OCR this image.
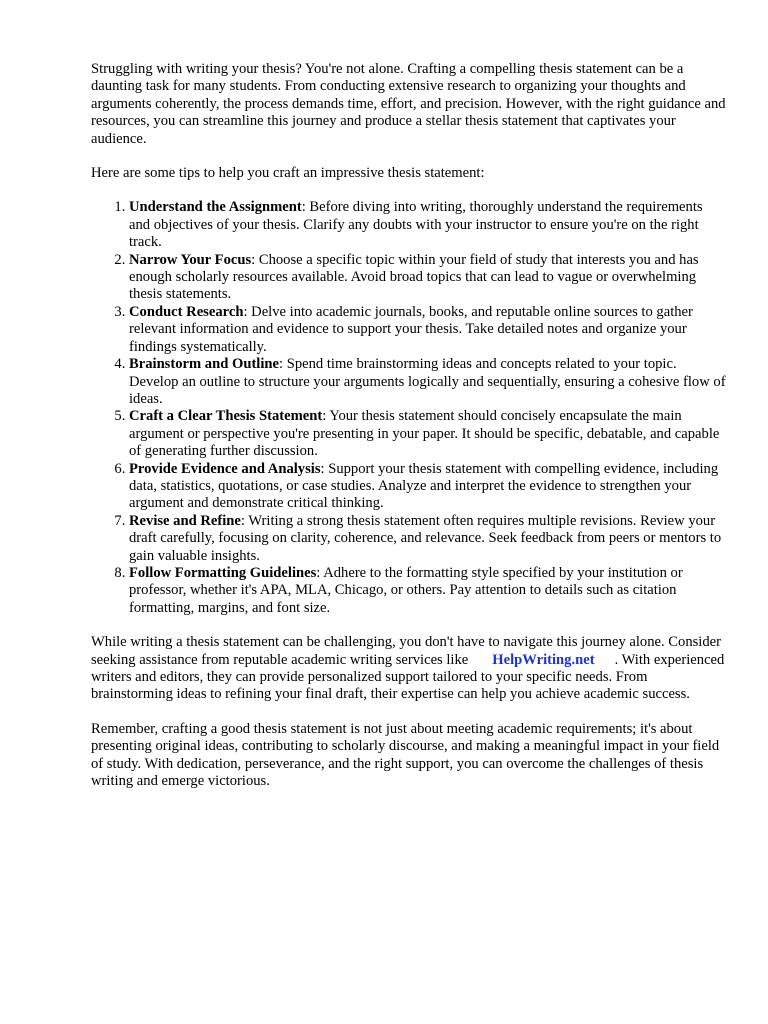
Struggling with writing your thesis? You're not alone. Crafting a compelling thesis statement can be a daunting task for many students. From conducting extensive research to organizing your thoughts and arguments coherently, the process demands time, effort, and precision. However, with the right guidance and resources, you can streamline this journey and produce a stellar thesis statement that captivates your audience.

Here are some tips to help you craft an impressive thesis statement:

1. Understand the Assignment: Before diving into writing, thoroughly understand the requirements and objectives of your thesis. Clarify any doubts with your instructor to ensure you're on the right track.
2. Narrow Your Focus: Choose a specific topic within your field of study that interests you and has enough scholarly resources available. Avoid broad topics that can lead to vague or overwhelming thesis statements.
3. Conduct Research: Delve into academic journals, books, and reputable online sources to gather relevant information and evidence to support your thesis. Take detailed notes and organize your findings systematically.
4. Brainstorm and Outline: Spend time brainstorming ideas and concepts related to your topic. Develop an outline to structure your arguments logically and sequentially, ensuring a cohesive flow of ideas.
5. Craft a Clear Thesis Statement: Your thesis statement should concisely encapsulate the main argument or perspective you're presenting in your paper. It should be specific, debatable, and capable of generating further discussion.
6. Provide Evidence and Analysis: Support your thesis statement with compelling evidence, including data, statistics, quotations, or case studies. Analyze and interpret the evidence to strengthen your argument and demonstrate critical thinking.
7. Revise and Refine: Writing a strong thesis statement often requires multiple revisions. Review your draft carefully, focusing on clarity, coherence, and relevance. Seek feedback from peers or mentors to gain valuable insights.
8. Follow Formatting Guidelines: Adhere to the formatting style specified by your institution or professor, whether it's APA, MLA, Chicago, or others. Pay attention to details such as citation formatting, margins, and font size.

While writing a thesis statement can be challenging, you don't have to navigate this journey alone. Consider seeking assistance from reputable academic writing services like HelpWriting.net . With experienced writers and editors, they can provide personalized support tailored to your specific needs. From brainstorming ideas to refining your final draft, their expertise can help you achieve academic success.

Remember, crafting a good thesis statement is not just about meeting academic requirements; it's about presenting original ideas, contributing to scholarly discourse, and making a meaningful impact in your field of study. With dedication, perseverance, and the right support, you can overcome the challenges of thesis writing and emerge victorious.
